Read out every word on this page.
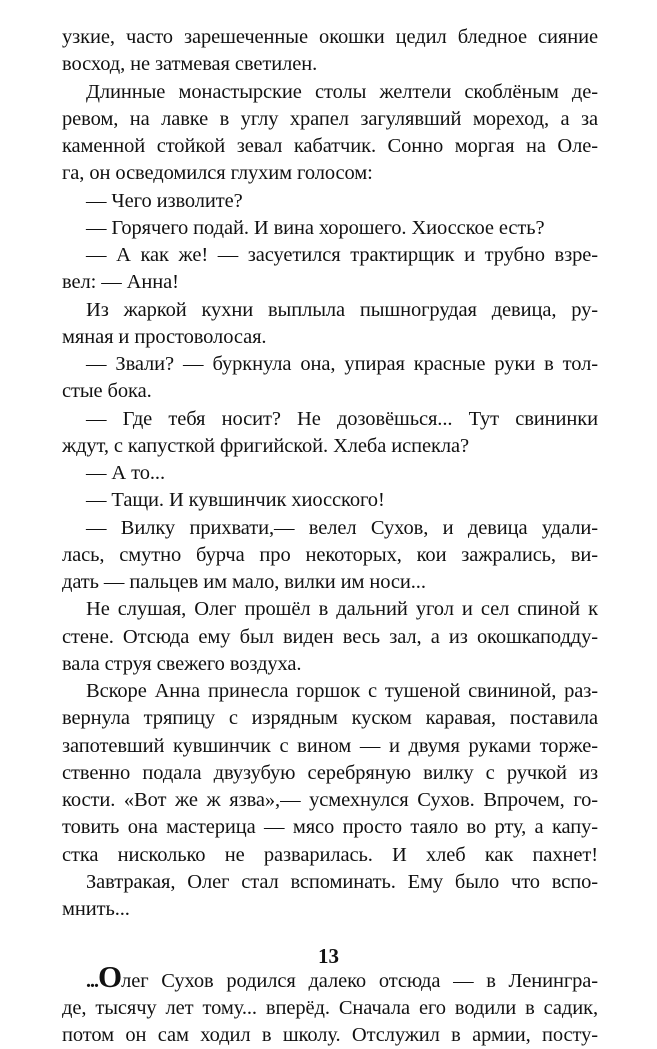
узкие, часто зарешеченные окошки цедил бледное сияние
восход, не затмевая светилен.
Длинные монастырские столы желтели скоблёным де-
ревом, на лавке в углу храпел загулявший мореход, а за
каменной стойкой зевал кабатчик. Сонно моргая на Оле-
га, он осведомился глухим голосом:
— Чего изволите?
— Горячего подай. И вина хорошего. Хиосское есть?
— А как же! — засуетился трактирщик и трубно взре-
вел: — Анна!
Из жаркой кухни выплыла пышногрудая девица, ру-
мяная и простоволосая.
— Звали? — буркнула она, упирая красные руки в тол-
стые бока.
— Где тебя носит? Не дозовёшься... Тут свининки
ждут, с капусткой фригийской. Хлеба испекла?
— А то...
— Тащи. И кувшинчик хиосского!
— Вилку прихвати,— велел Сухов, и девица удали-
лась, смутно бурча про некоторых, кои зажрались, ви-
дать — пальцев им мало, вилки им носи...
Не слушая, Олег прошёл в дальний угол и сел спиной к
стене. Отсюда ему был виден весь зал, а из окошкаподду-
вала струя свежего воздуха.
Вскоре Анна принесла горшок с тушеной свининой, раз-
вернула тряпицу с изрядным куском каравая, поставила
запотевший кувшинчик с вином — и двумя руками торже-
ственно подала двузубую серебряную вилку с ручкой из
кости. «Вот же ж язва»,— усмехнулся Сухов. Впрочем, го-
товить она мастерица — мясо просто таяло во рту, а капу-
стка нисколько не разварилась. И хлеб как пахнет!
Завтракая, Олег стал вспоминать. Ему было что вспо-
мнить...
...Олег Сухов родился далеко отсюда — в Ленингра-
де, тысячу лет тому... вперёд. Сначала его водили в садик,
потом он сам ходил в школу. Отслужил в армии, посту-
13
